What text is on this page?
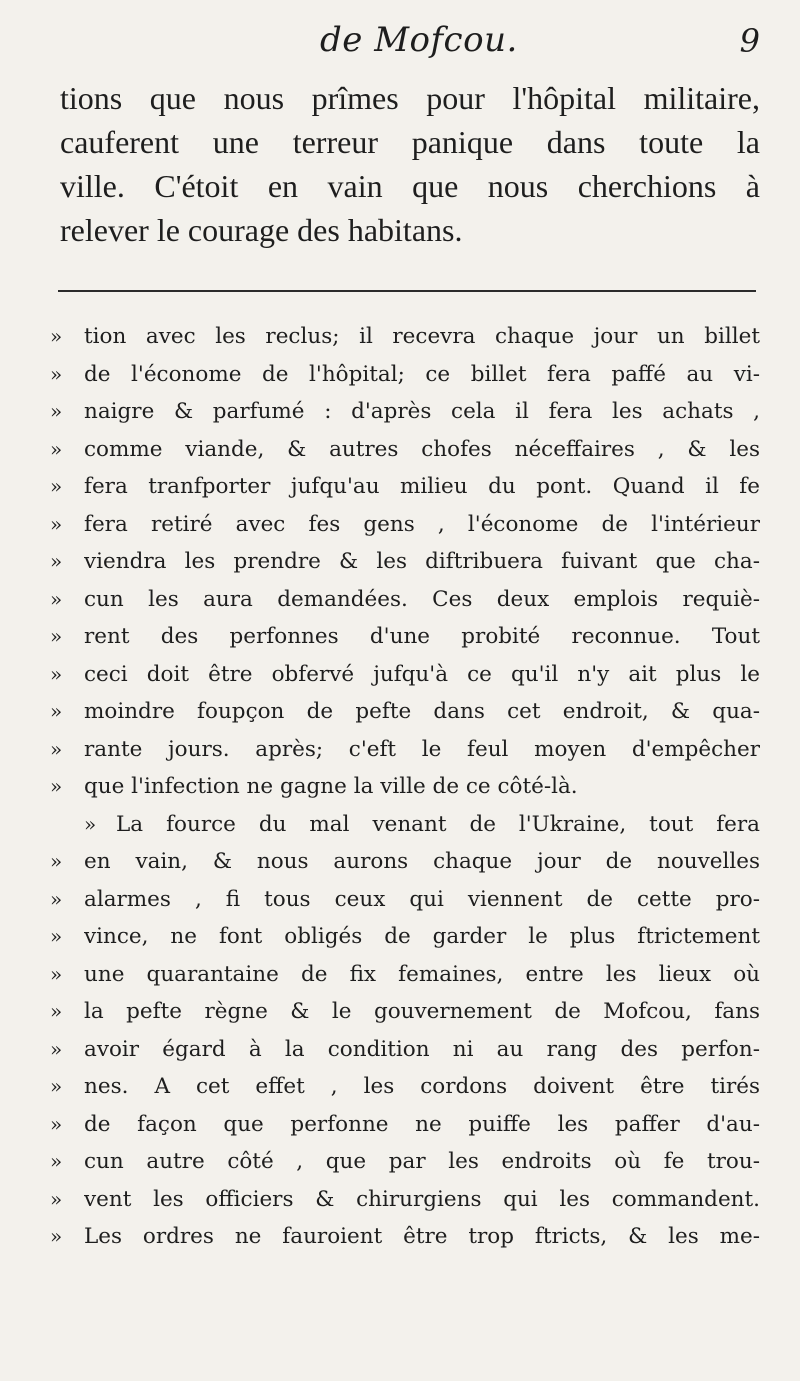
de Mofcou.	9
tions que nous prîmes pour l'hôpital militaire,
cauferent une terreur panique dans toute la
ville. C'étoit en vain que nous cherchions à
relever le courage des habitans.
»	tion avec les reclus; il recevra chaque jour un billet
»	de l'économe de l'hôpital; ce billet fera paffé au vi-
»	naigre & parfumé : d'après cela il fera les achats ,
»	comme viande, & autres chofes néceffaires , & les
»	fera tranfporter jufqu'au milieu du pont. Quand il fe
»	fera retiré avec fes gens , l'économe de l'intérieur
»	viendra les prendre & les diftribuera fuivant que cha-
»	cun les aura demandées. Ces deux emplois requiè-
»	rent des perfonnes d'une probité reconnue. Tout
»	ceci doit être obfervé jufqu'à ce qu'il n'y ait plus le
»	moindre foupçon de pefte dans cet endroit, & qua-
»	rante jours. après; c'eft le feul moyen d'empêcher
»	que l'infection ne gagne la ville de ce côté-là.
» La fource du mal venant de l'Ukraine, tout fera
»	en vain, & nous aurons chaque jour de nouvelles
»	alarmes , fi tous ceux qui viennent de cette pro-
»	vince, ne font obligés de garder le plus ftrictement
»	une quarantaine de fix femaines, entre les lieux où
»	la pefte règne & le gouvernement de Mofcou, fans
»	avoir égard à la condition ni au rang des perfon-
»	nes. A cet effet , les cordons doivent être tirés
»	de façon que perfonne ne puiffe les paffer d'au-
»	cun autre côté , que par les endroits où fe trou-
»	vent les officiers & chirurgiens qui les commandent.
»	Les ordres ne fauroient être trop ftricts, & les me-
